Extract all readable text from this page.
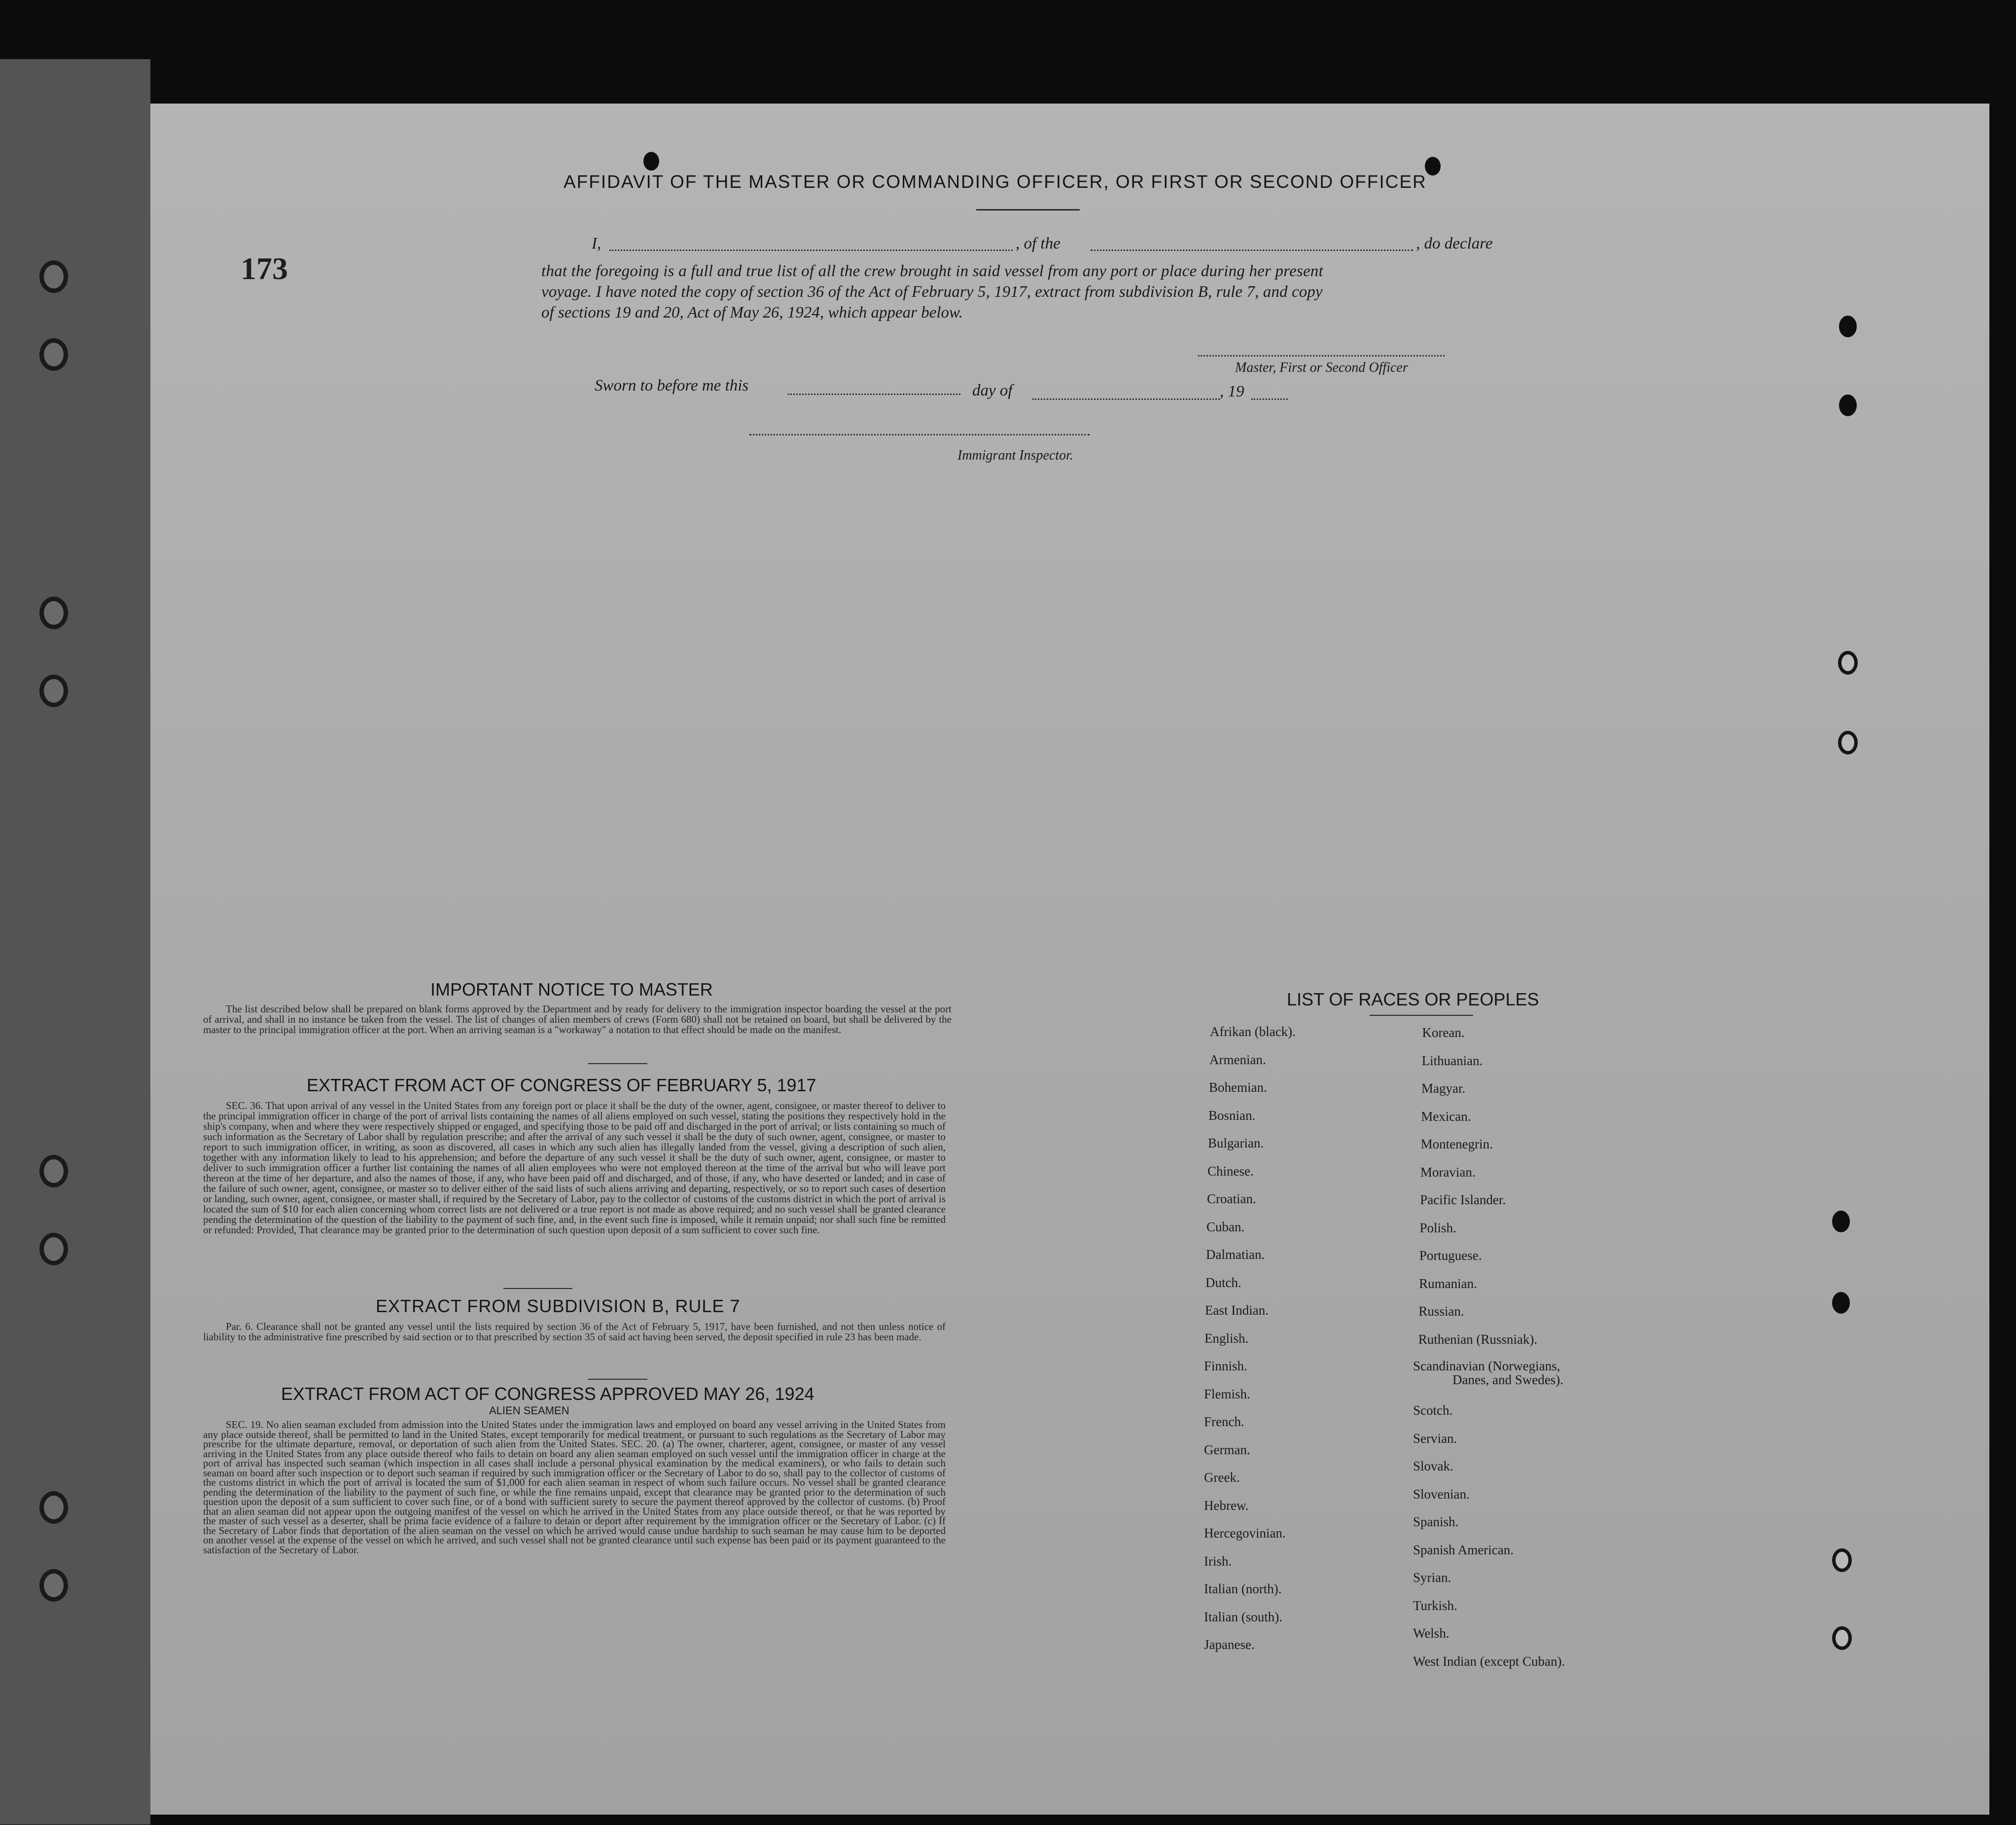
173
AFFIDAVIT OF THE MASTER OR COMMANDING OFFICER, OR FIRST OR SECOND OFFICER
I,	, of the	, do declare
that the foregoing is a full and true list of all the crew brought in said vessel from any port or place during her present
voyage. I have noted the copy of section 36 of the Act of February 5, 1917, extract from subdivision B, rule 7, and copy
of sections 19 and 20, Act of May 26, 1924, which appear below.
Master, First or Second Officer
Sworn to before me this	day of	, 19
Immigrant Inspector.
IMPORTANT NOTICE TO MASTER
The list described below shall be prepared on blank forms approved by the Department and by ready for delivery to the immigration inspector boarding the vessel at the port of arrival, and shall in no instance be taken from the vessel. The list of changes of alien members of crews (Form 680) shall not be retained on board, but shall be delivered by the master to the principal immigration officer at the port. When an arriving seaman is a "workaway" a notation to that effect should be made on the manifest.
EXTRACT FROM ACT OF CONGRESS OF FEBRUARY 5, 1917
SEC. 36. That upon arrival of any vessel in the United States from any foreign port or place it shall be the duty of the owner, agent, consignee, or master thereof to deliver to the principal immigration officer in charge of the port of arrival lists containing the names of all aliens employed on such vessel, stating the positions they respectively hold in the ship's company, when and where they were respectively shipped or engaged, and specifying those to be paid off and discharged in the port of arrival; or lists containing so much of such information as the Secretary of Labor shall by regulation prescribe; and after the arrival of any such vessel it shall be the duty of such owner, agent, consignee, or master to report to such immigration officer, in writing, as soon as discovered, all cases in which any such alien has illegally landed from the vessel, giving a description of such alien, together with any information likely to lead to his apprehension; and before the departure of any such vessel it shall be the duty of such owner, agent, consignee, or master to deliver to such immigration officer a further list containing the names of all alien employees who were not employed thereon at the time of the arrival but who will leave port thereon at the time of her departure, and also the names of those, if any, who have been paid off and discharged, and of those, if any, who have deserted or landed; and in case of the failure of such owner, agent, consignee, or master so to deliver either of the said lists of such aliens arriving and departing, respectively, or so to report such cases of desertion or landing, such owner, agent, consignee, or master shall, if required by the Secretary of Labor, pay to the collector of customs of the customs district in which the port of arrival is located the sum of $10 for each alien concerning whom correct lists are not delivered or a true report is not made as above required; and no such vessel shall be granted clearance pending the determination of the question of the liability to the payment of such fine, and, in the event such fine is imposed, while it remain unpaid; nor shall such fine be remitted or refunded: Provided, That clearance may be granted prior to the determination of such question upon deposit of a sum sufficient to cover such fine.
EXTRACT FROM SUBDIVISION B, RULE 7
Par. 6. Clearance shall not be granted any vessel until the lists required by section 36 of the Act of February 5, 1917, have been furnished, and not then unless notice of liability to the administrative fine prescribed by said section or to that prescribed by section 35 of said act having been served, the deposit specified in rule 23 has been made.
EXTRACT FROM ACT OF CONGRESS APPROVED MAY 26, 1924
ALIEN SEAMEN
SEC. 19. No alien seaman excluded from admission into the United States under the immigration laws and employed on board any vessel arriving in the United States from any place outside thereof, shall be permitted to land in the United States, except temporarily for medical treatment, or pursuant to such regulations as the Secretary of Labor may prescribe for the ultimate departure, removal, or deportation of such alien from the United States. SEC. 20. (a) The owner, charterer, agent, consignee, or master of any vessel arriving in the United States from any place outside thereof who fails to detain on board any alien seaman employed on such vessel until the immigration officer in charge at the port of arrival has inspected such seaman (which inspection in all cases shall include a personal physical examination by the medical examiners), or who fails to detain such seaman on board after such inspection or to deport such seaman if required by such immigration officer or the Secretary of Labor to do so, shall pay to the collector of customs of the customs district in which the port of arrival is located the sum of $1,000 for each alien seaman in respect of whom such failure occurs. No vessel shall be granted clearance pending the determination of the liability to the payment of such fine, or while the fine remains unpaid, except that clearance may be granted prior to the determination of such question upon the deposit of a sum sufficient to cover such fine, or of a bond with sufficient surety to secure the payment thereof approved by the collector of customs. (b) Proof that an alien seaman did not appear upon the outgoing manifest of the vessel on which he arrived in the United States from any place outside thereof, or that he was reported by the master of such vessel as a deserter, shall be prima facie evidence of a failure to detain or deport after requirement by the immigration officer or the Secretary of Labor. (c) If the Secretary of Labor finds that deportation of the alien seaman on the vessel on which he arrived would cause undue hardship to such seaman he may cause him to be deported on another vessel at the expense of the vessel on which he arrived, and such vessel shall not be granted clearance until such expense has been paid or its payment guaranteed to the satisfaction of the Secretary of Labor.
LIST OF RACES OR PEOPLES
Afrikan (black).
Armenian.
Bohemian.
Bosnian.
Bulgarian.
Chinese.
Croatian.
Cuban.
Dalmatian.
Dutch.
East Indian.
English.
Finnish.
Flemish.
French.
German.
Greek.
Hebrew.
Hercegovinian.
Irish.
Italian (north).
Italian (south).
Japanese.
Korean.
Lithuanian.
Magyar.
Mexican.
Montenegrin.
Moravian.
Pacific Islander.
Polish.
Portuguese.
Rumanian.
Russian.
Ruthenian (Russniak).
Scandinavian (Norwegians,
Danes, and Swedes).
Scotch.
Servian.
Slovak.
Slovenian.
Spanish.
Spanish American.
Syrian.
Turkish.
Welsh.
West Indian (except Cuban).
